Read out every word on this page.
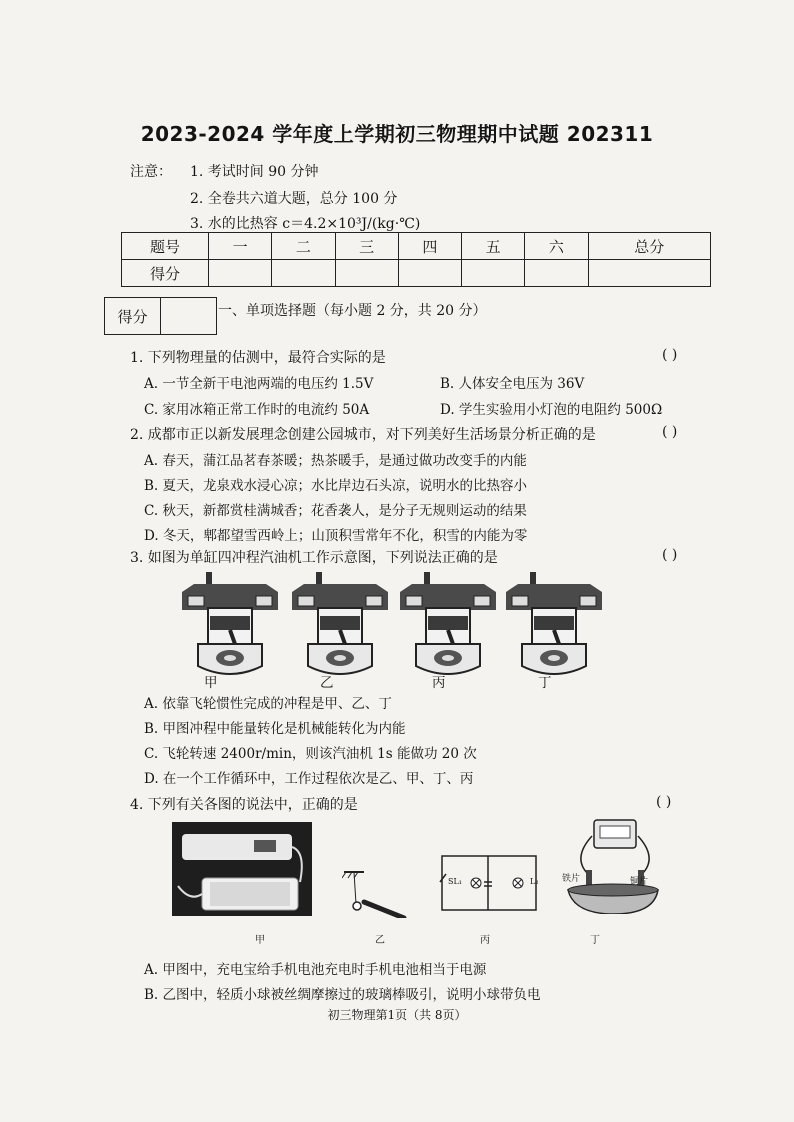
2023-2024 学年度上学期初三物理期中试题 202311
注意： 1. 考试时间 90 分钟
2. 全卷共六道大题，总分 100 分
3. 水的比热容 c＝4.2×10³J/(kg·℃)
题号	一	二	三	四	五	六	总分
得分							
得分	一、单项选择题（每小题 2 分，共 20 分）
1. 下列物理量的估测中，最符合实际的是	( )
A. 一节全新干电池两端的电压约 1.5V	B. 人体安全电压为 36V
C. 家用冰箱正常工作时的电流约 50A	D. 学生实验用小灯泡的电阻约 500Ω
2. 成都市正以新发展理念创建公园城市，对下列美好生活场景分析正确的是	( )
A. 春天，蒲江品茗春茶暖；热茶暖手，是通过做功改变手的内能
B. 夏天，龙泉戏水浸心凉；水比岸边石头凉，说明水的比热容小
C. 秋天，新都赏桂满城香；花香袭人，是分子无规则运动的结果
D. 冬天，郫都望雪西岭上；山顶积雪常年不化，积雪的内能为零
3. 如图为单缸四冲程汽油机工作示意图，下列说法正确的是	( )
甲	乙	丙	丁
A. 依靠飞轮惯性完成的冲程是甲、乙、丁
B. 甲图冲程中能量转化是机械能转化为内能
C. 飞轮转速 2400r/min，则该汽油机 1s 能做功 20 次
D. 在一个工作循环中，工作过程依次是乙、甲、丁、丙
4. 下列有关各图的说法中，正确的是	( )
SL₁	L₂	铁片	铜片
甲	乙	丙	丁
A. 甲图中，充电宝给手机电池充电时手机电池相当于电源
B. 乙图中，轻质小球被丝绸摩擦过的玻璃棒吸引，说明小球带负电
初三物理第1页（共 8页）
